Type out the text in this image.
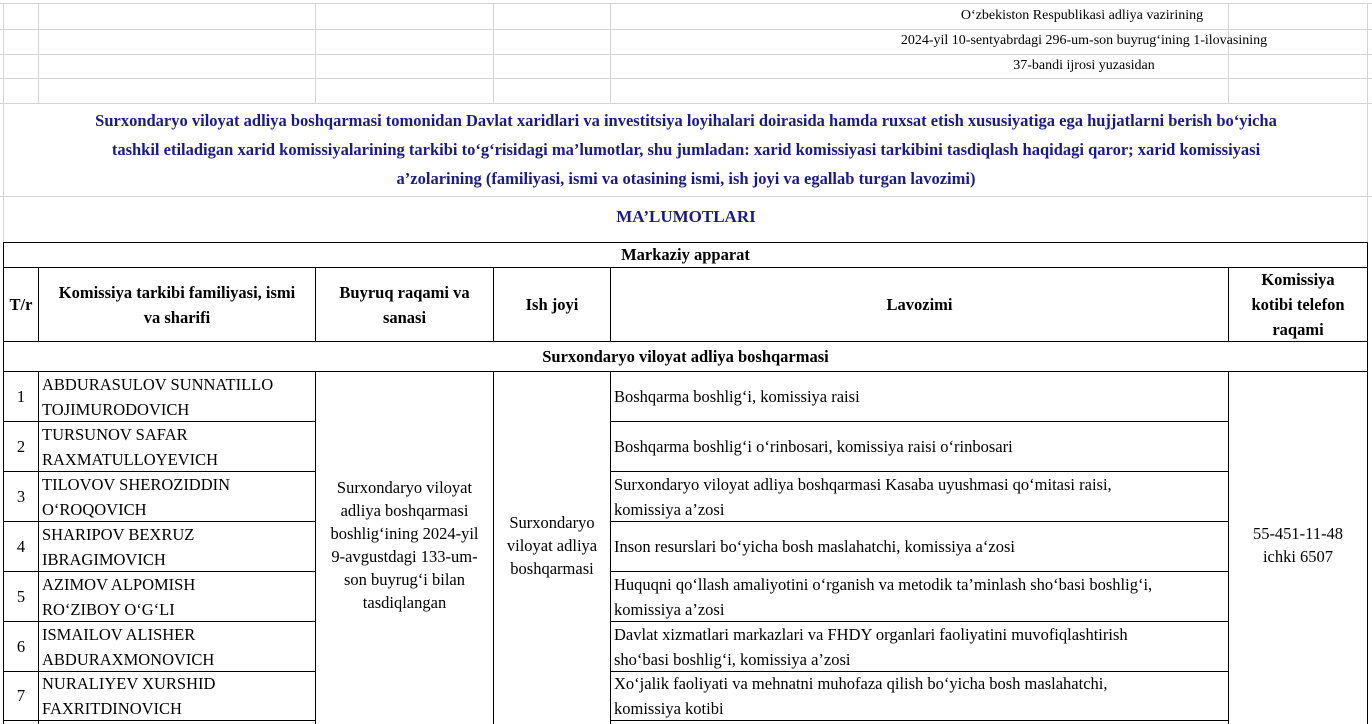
O‘zbekiston Respublikasi adliya vazirining
2024-yil 10-sentyabrdagi 296-um-son buyrug‘ining 1-ilovasining
37-bandi ijrosi yuzasidan
Surxondaryo viloyat adliya boshqarmasi tomonidan Davlat xaridlari va investitsiya loyihalari doirasida hamda ruxsat etish xususiyatiga ega hujjatlarni berish bo‘yicha
tashkil etiladigan xarid komissiyalarining tarkibi to‘g‘risidagi ma’lumotlar, shu jumladan: xarid komissiyasi tarkibini tasdiqlash haqidagi qaror; xarid komissiyasi
a’zolarining (familiyasi, ismi va otasining ismi, ish joyi va egallab turgan lavozimi)
MA’LUMOTLARI
Markaziy apparat
T/r
Komissiya tarkibi familiyasi, ismi
va sharifi
Buyruq raqami va
sanasi
Ish joyi	Lavozimi
Komissiya
kotibi telefon
raqami
Surxondaryo viloyat adliya boshqarmasi
Surxondaryo viloyat
adliya boshqarmasi
boshlig‘ining 2024-yil
9-avgustdagi 133-um-
son buyrug‘i bilan
tasdiqlangan
Surxondaryo
viloyat adliya
boshqarmasi
55-451-11-48
ichki 6507
1
ABDURASULOV SUNNATILLO
TOJIMURODOVICH
Boshqarma boshlig‘i, komissiya raisi
2
TURSUNOV SAFAR
RAXMATULLOYEVICH
Boshqarma boshlig‘i o‘rinbosari, komissiya raisi o‘rinbosari
3
TILOVOV SHEROZIDDIN
O‘ROQOVICH
Surxondaryo viloyat adliya boshqarmasi Kasaba uyushmasi qo‘mitasi raisi,
komissiya a’zosi
4
SHARIPOV BEXRUZ
IBRAGIMOVICH
Inson resurslari bo‘yicha bosh maslahatchi, komissiya a‘zosi
5
AZIMOV ALPOMISH
RO‘ZIBOY O‘G‘LI
Huquqni qo‘llash amaliyotini o‘rganish va metodik ta’minlash sho‘basi boshlig‘i,
komissiya a’zosi
6
ISMAILOV ALISHER
ABDURAXMONOVICH
Davlat xizmatlari markazlari va FHDY organlari faoliyatini muvofiqlashtirish
sho‘basi boshlig‘i, komissiya a’zosi
7
NURALIYEV XURSHID
FAXRITDINOVICH
Xo‘jalik faoliyati va mehnatni muhofaza qilish bo‘yicha bosh maslahatchi,
komissiya kotibi
